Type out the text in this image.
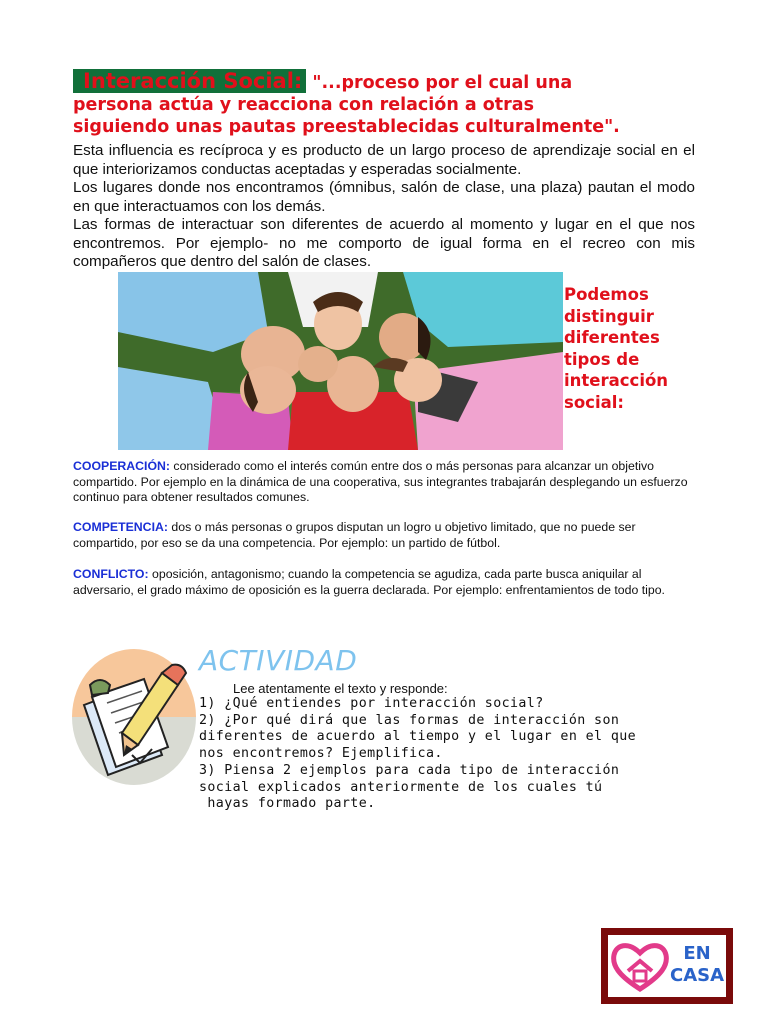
Interacción Social: "...proceso por el cual una
persona actúa y reacciona con relación a otras
siguiendo unas pautas preestablecidas culturalmente".

Esta influencia es recíproca y es producto de un largo proceso de aprendizaje social en el que interiorizamos conductas aceptadas y esperadas socialmente.

Los lugares donde nos encontramos (ómnibus, salón de clase, una plaza) pautan el modo en que interactuamos con los demás.

Las formas de interactuar son diferentes de acuerdo al momento y lugar en el que nos encontremos. Por ejemplo- no me comporto de igual forma en el recreo con mis compañeros que dentro del salón de clases.

Podemos
distinguir
diferentes
tipos de
interacción
social:
COOPERACIÓN: considerado como el interés común entre dos o más personas para alcanzar un objetivo compartido. Por ejemplo en la dinámica de una cooperativa, sus integrantes trabajarán desplegando un esfuerzo continuo para obtener resultados comunes.
COMPETENCIA: dos o más personas o grupos disputan un logro u objetivo limitado, que no puede ser compartido, por eso se da una competencia. Por ejemplo: un partido de fútbol.
CONFLICTO: oposición, antagonismo; cuando la competencia se agudiza, cada parte busca aniquilar al adversario, el grado máximo de oposición es la guerra declarada. Por ejemplo: enfrentamientos de todo tipo.
ACTIVIDAD
Lee atentamente el texto y responde:
1) ¿Qué entiendes por interacción social?
2) ¿Por qué dirá que las formas de interacción son
diferentes de acuerdo al tiempo y el lugar en el que
nos encontremos? Ejemplifica.
3) Piensa 2 ejemplos para cada tipo de interacción
social explicados anteriormente de los cuales tú
hayas formado parte.
EN
CASA
